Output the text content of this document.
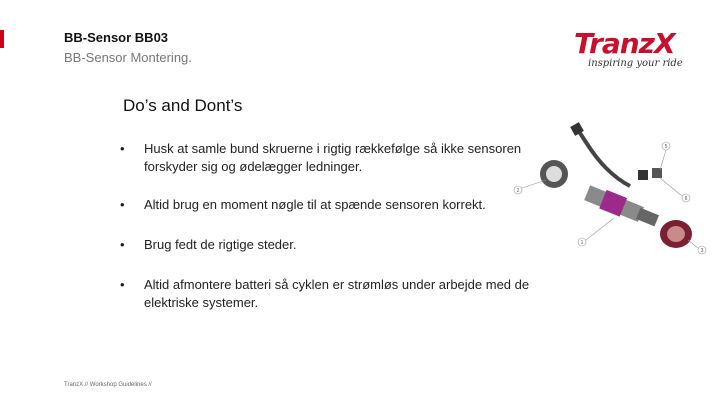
BB-Sensor BB03
BB-Sensor Montering.	TranzX
inspiring your ride
Do’s and Dont’s
• Husk at samle bund skruerne i rigtig rækkefølge så ikke sensoren forskyder sig og ødelægger ledninger.
• Altid brug en moment nøgle til at spænde sensoren korrekt.
• Brug fedt de rigtige steder.
• Altid afmontere batteri så cyklen er strømløs under arbejde med de elektriske systemer.
5
2
6
1
3
TranzX // Workshop Guidelines //
